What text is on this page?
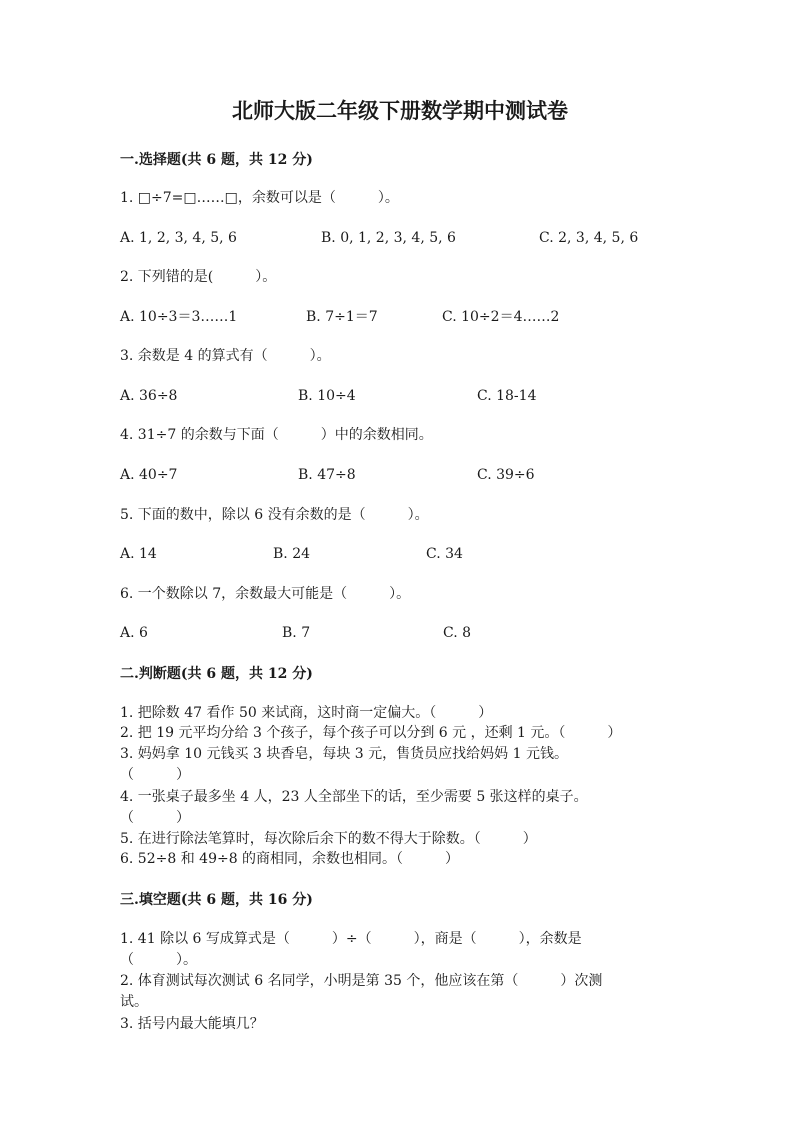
北师大版二年级下册数学期中测试卷
一.选择题(共 6 题，共 12 分)
1. □÷7=□……□，余数可以是（　　　）。
A. 1, 2, 3, 4, 5, 6	B. 0, 1, 2, 3, 4, 5, 6	C. 2, 3, 4, 5, 6
2. 下列错的是(　　　）。
A. 10÷3＝3……1	B. 7÷1＝7	C. 10÷2＝4……2
3. 余数是 4 的算式有（　　　）。
A. 36÷8	B. 10÷4	C. 18-14
4. 31÷7 的余数与下面（　　　）中的余数相同。
A. 40÷7	B. 47÷8	C. 39÷6
5. 下面的数中，除以 6 没有余数的是（　　　）。
A. 14	B. 24	C. 34
6. 一个数除以 7，余数最大可能是（　　　）。
A. 6	B. 7	C. 8
二.判断题(共 6 题，共 12 分)
1. 把除数 47 看作 50 来试商，这时商一定偏大。（　　　）
2. 把 19 元平均分给 3 个孩子，每个孩子可以分到 6 元 ，还剩 1 元。（　　　）
3. 妈妈拿 10 元钱买 3 块香皂，每块 3 元，售货员应找给妈妈 1 元钱。
（　　　）
4. 一张桌子最多坐 4 人，23 人全部坐下的话，至少需要 5 张这样的桌子。
（　　　）
5. 在进行除法笔算时，每次除后余下的数不得大于除数。（　　　）
6. 52÷8 和 49÷8 的商相同，余数也相同。（　　　）
三.填空题(共 6 题，共 16 分)
1. 41 除以 6 写成算式是（　　　）÷（　　　），商是（　　　），余数是
（　　　）。
2. 体育测试每次测试 6 名同学，小明是第 35 个，他应该在第（　　　）次测
试。
3. 括号内最大能填几？
